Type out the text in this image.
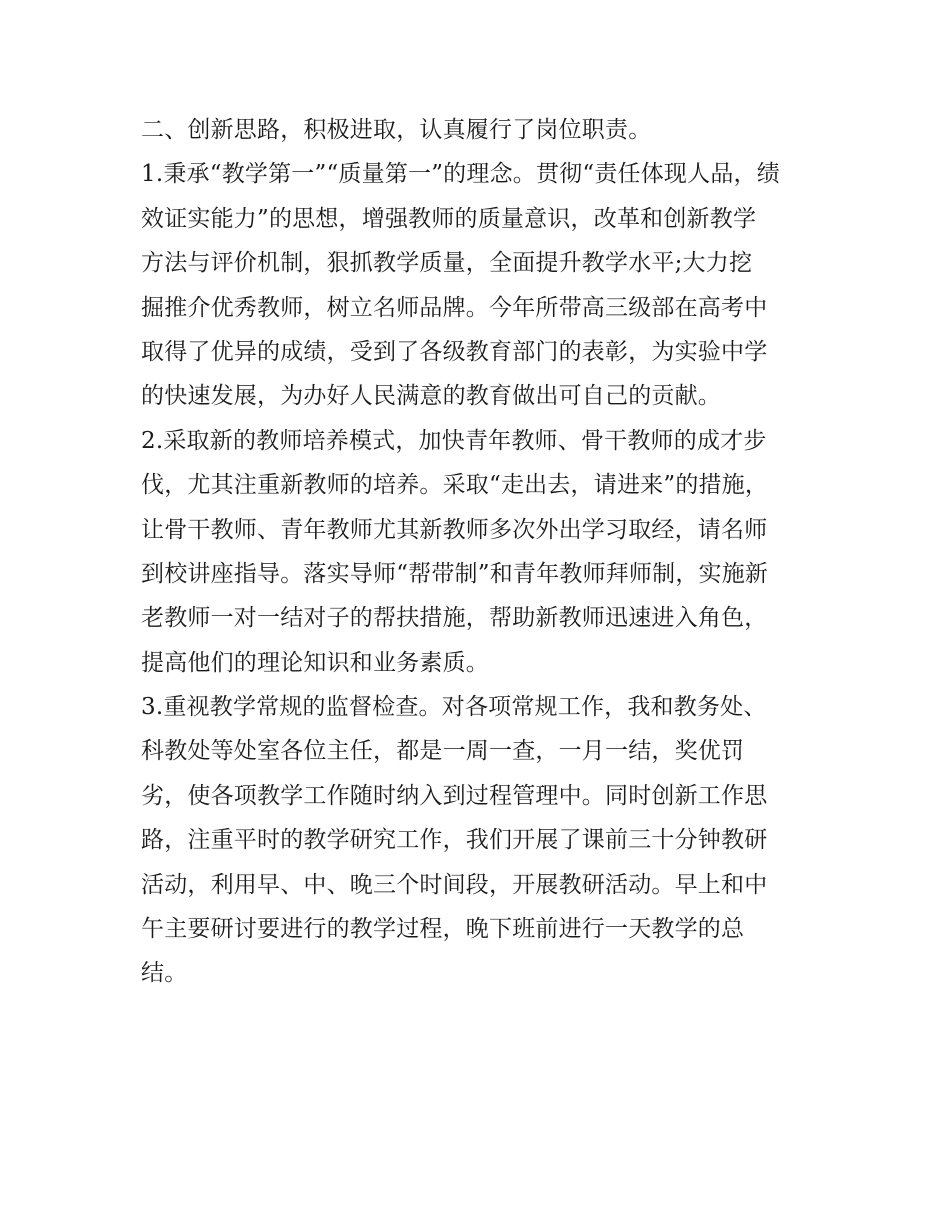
二、创新思路，积极进取，认真履行了岗位职责。

1.秉承“教学第一”“质量第一”的理念。贯彻“责任体现人品，绩
效证实能力”的思想，增强教师的质量意识，改革和创新教学
方法与评价机制，狠抓教学质量，全面提升教学水平;大力挖
掘推介优秀教师，树立名师品牌。今年所带高三级部在高考中
取得了优异的成绩，受到了各级教育部门的表彰，为实验中学
的快速发展，为办好人民满意的教育做出可自己的贡献。

2.采取新的教师培养模式，加快青年教师、骨干教师的成才步
伐，尤其注重新教师的培养。采取“走出去，请进来”的措施，
让骨干教师、青年教师尤其新教师多次外出学习取经，请名师
到校讲座指导。落实导师“帮带制”和青年教师拜师制，实施新
老教师一对一结对子的帮扶措施，帮助新教师迅速进入角色，
提高他们的理论知识和业务素质。

3.重视教学常规的监督检查。对各项常规工作，我和教务处、
科教处等处室各位主任，都是一周一查，一月一结，奖优罚
劣，使各项教学工作随时纳入到过程管理中。同时创新工作思
路，注重平时的教学研究工作，我们开展了课前三十分钟教研
活动，利用早、中、晚三个时间段，开展教研活动。早上和中
午主要研讨要进行的教学过程，晚下班前进行一天教学的总
结。
